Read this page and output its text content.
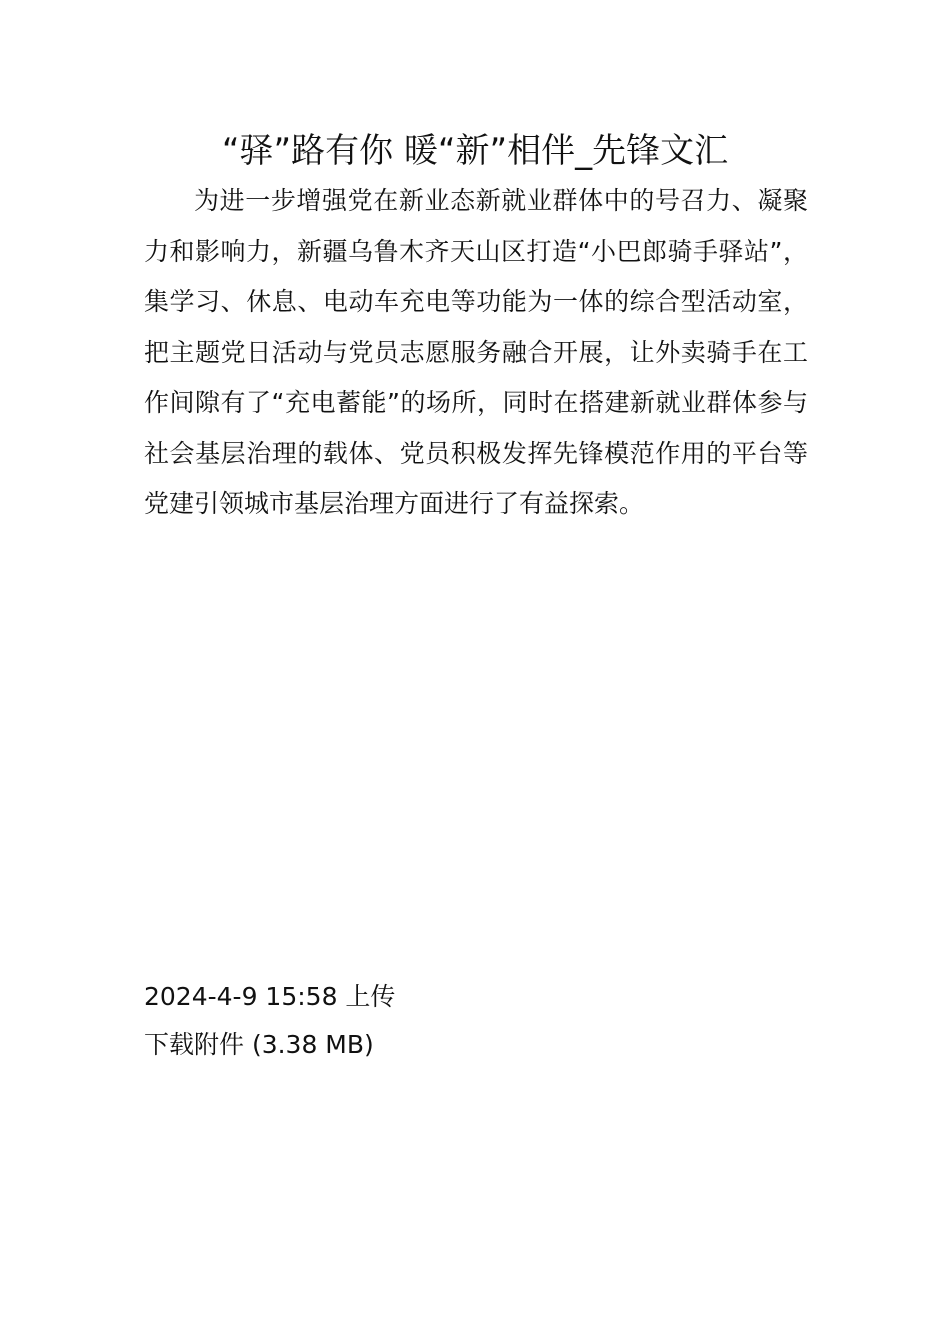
“驿”路有你 暖“新”相伴_先锋文汇

为进一步增强党在新业态新就业群体中的号召力、凝聚力和影响力，新疆乌鲁木齐天山区打造“小巴郎骑手驿站”，集学习、休息、电动车充电等功能为一体的综合型活动室，把主题党日活动与党员志愿服务融合开展，让外卖骑手在工作间隙有了“充电蓄能”的场所，同时在搭建新就业群体参与社会基层治理的载体、党员积极发挥先锋模范作用的平台等党建引领城市基层治理方面进行了有益探索。

2024-4-9 15:58 上传

下载附件 (3.38 MB)
